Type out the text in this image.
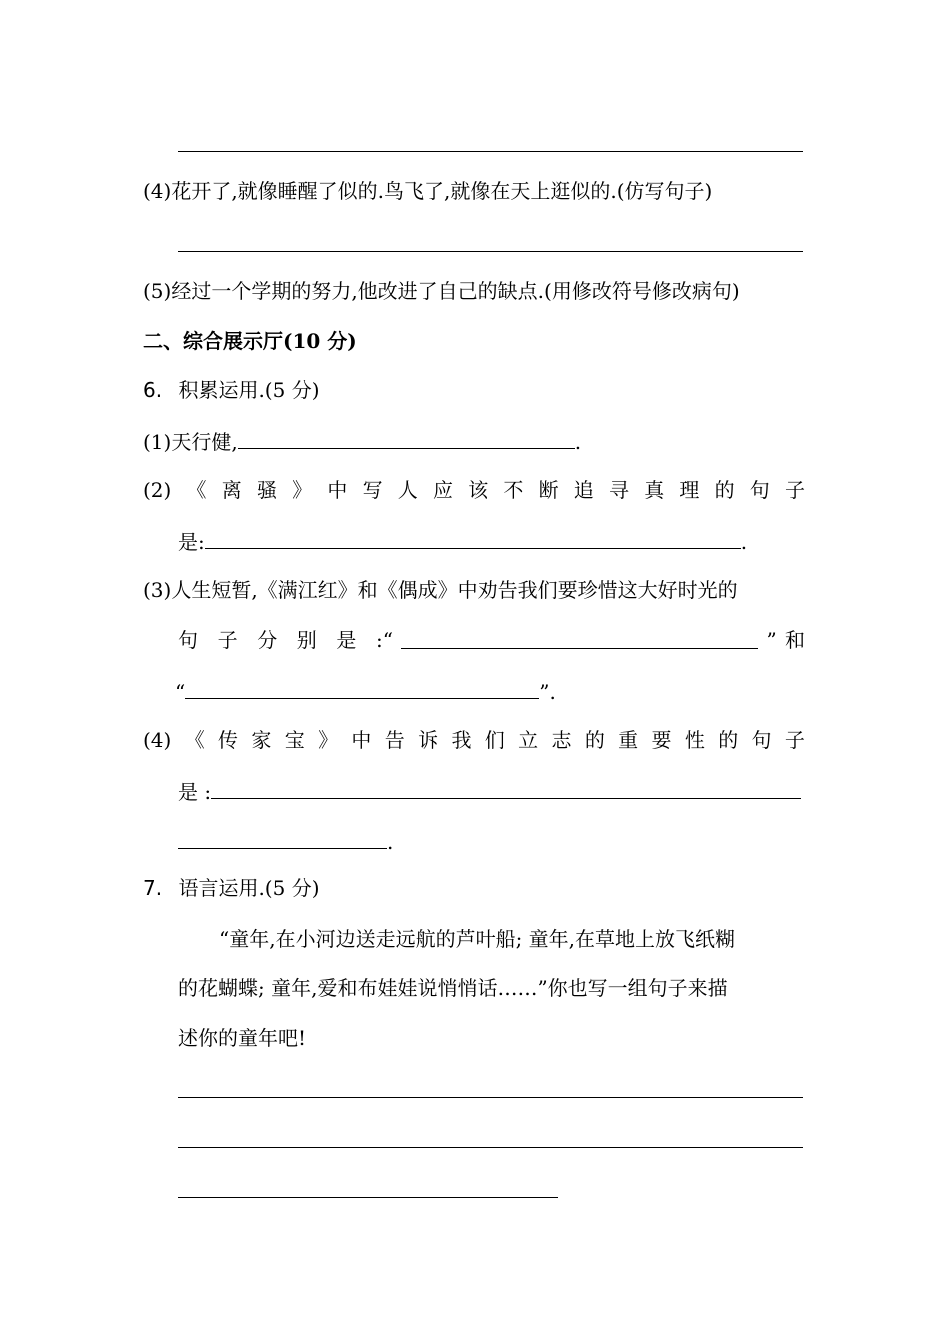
(4)花开了,就像睡醒了似的.鸟飞了,就像在天上逛似的.(仿写句子)
(5)经过一个学期的努力,他改进了自己的缺点.(用修改符号修改病句)
二、综合展示厅(10 分)
6. 积累运用.(5 分)
(1)天行健,	.
(2) 《 离 骚 》 中 写 人 应 该 不 断 追 寻 真 理 的 句 子
是:	.
(3)人生短暂,《满江红》和《偶成》中劝告我们要珍惜这大好时光的
句 子 分 别 是 :“	” 和
“	”.
(4) 《 传 家 宝 》 中 告 诉 我 们 立 志 的 重 要 性 的 句 子
是 :
.
7. 语言运用.(5 分)
“童年,在小河边送走远航的芦叶船; 童年,在草地上放飞纸糊
的花蝴蝶; 童年,爱和布娃娃说悄悄话……”你也写一组句子来描
述你的童年吧!
